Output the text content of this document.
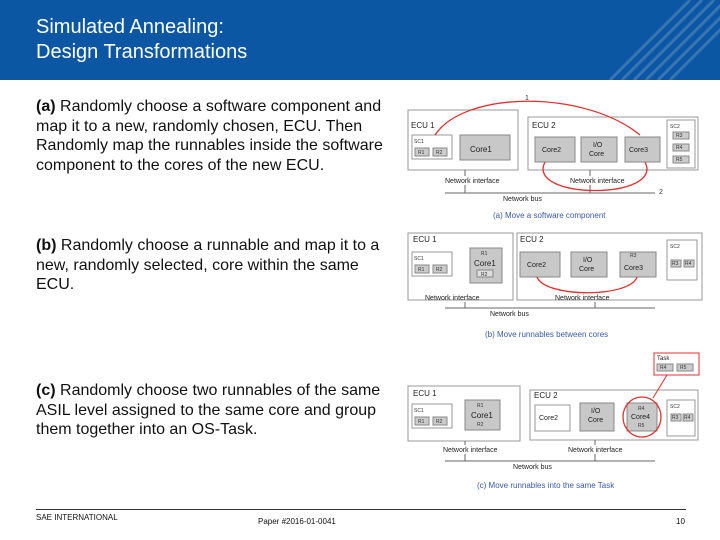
Simulated Annealing:
Design Transformations
(a) Randomly choose a software component and map it to a new, randomly chosen, ECU. Then Randomly map the runnables inside the software component to the cores of the new ECU.
(b) Randomly choose a runnable and map it to a new, randomly selected, core within the same ECU.
(c) Randomly choose two runnables of the same ASIL level assigned to the same core and group them together into an OS-Task.
ECU 1
SC1
R1 R2	Core1
ECU 2
Core2
I/O
Core
Core3
SC2
R3
R4
R5
Network interface	Network interface
Network bus
1
2
(a) Move a software component
ECU 1
SC1
R1 R2
ECU 2
R1
Core1
R2
Core2
I/O
Core
R3
Core3
SC2
R3 R4
Network interface	Network interface
Network bus
(b) Move runnables between cores
Task
R4	R5
ECU 1
SC1
R1 R2
R1
Core1
R2
ECU 2
Core2
I/O
Core
R4
Core4
R5
SC2
R3 R4
Network interface	Network interface
Network bus
(c) Move runnables into the same Task
SAE INTERNATIONAL	Paper #2016-01-0041	10
